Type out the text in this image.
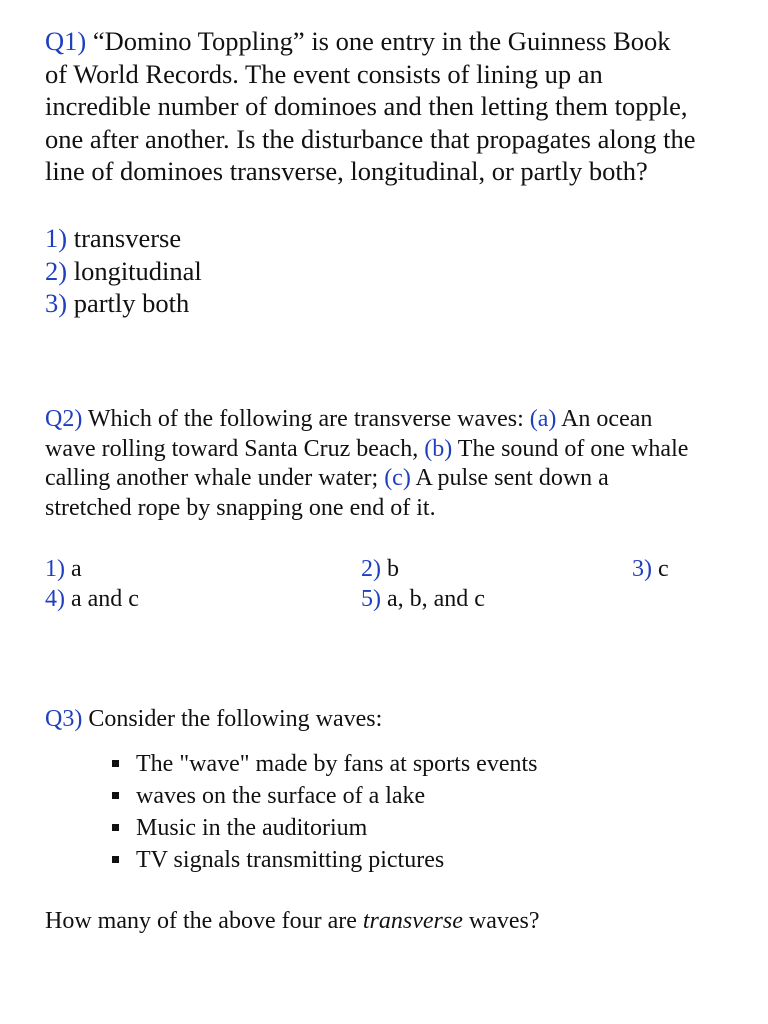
Q1) “Domino Toppling” is one entry in the Guinness Book
of World Records. The event consists of lining up an
incredible number of dominoes and then letting them topple,
one after another. Is the disturbance that propagates along the
line of dominoes transverse, longitudinal, or partly both?
1) transverse
2) longitudinal
3) partly both
Q2) Which of the following are transverse waves: (a) An ocean
wave rolling toward Santa Cruz beach, (b) The sound of one whale
calling another whale under water; (c) A pulse sent down a
stretched rope by snapping one end of it.
1) a	2) b	3) c
4) a and c	5) a, b, and c
Q3) Consider the following waves:
The "wave" made by fans at sports events
waves on the surface of a lake
Music in the auditorium
TV signals transmitting pictures
How many of the above four are transverse waves?
